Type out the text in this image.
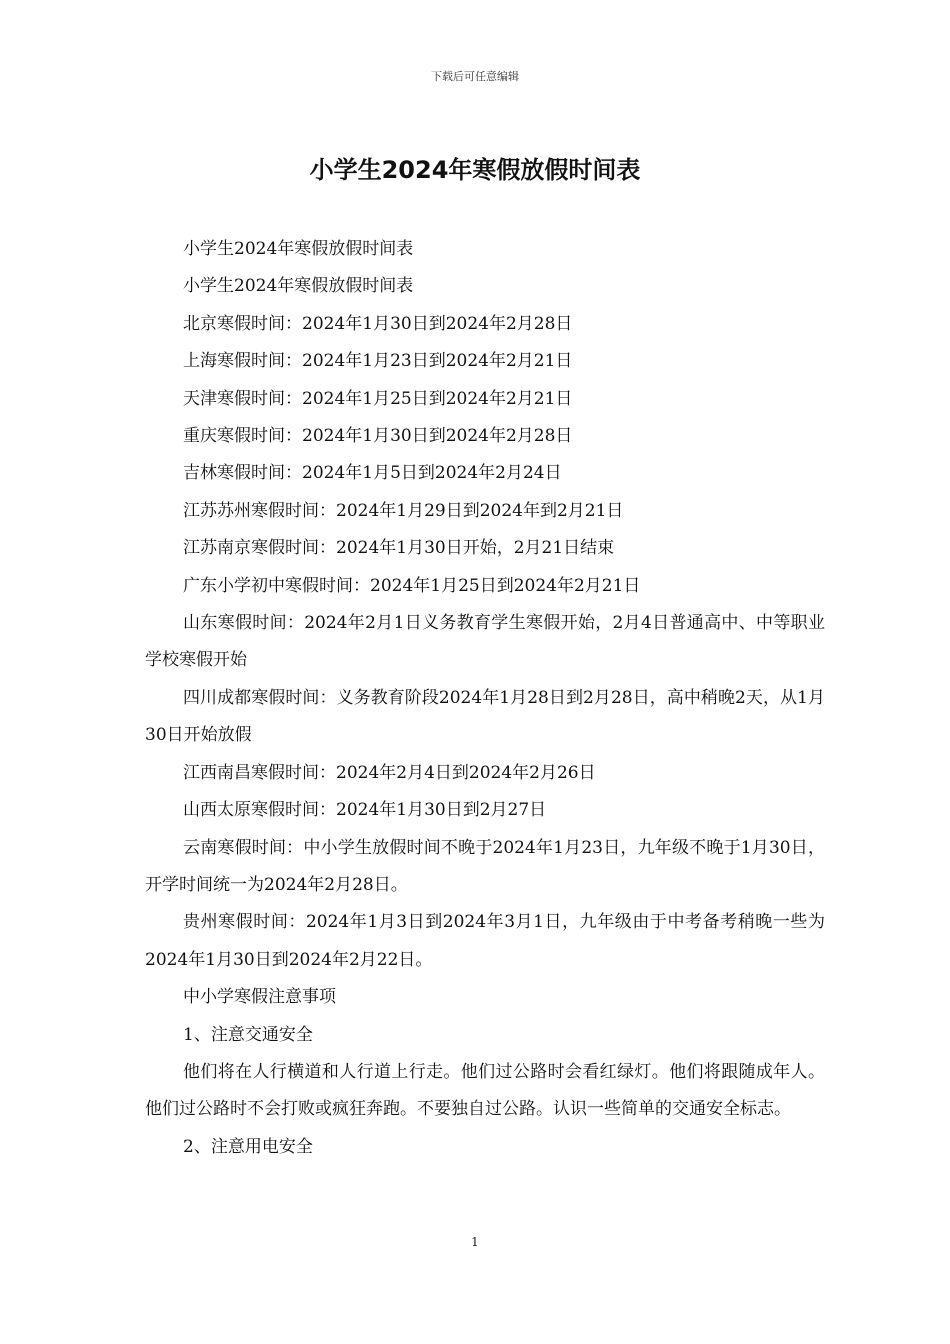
下载后可任意编辑
小学生2024年寒假放假时间表

小学生2024年寒假放假时间表

小学生2024年寒假放假时间表

北京寒假时间：2024年1月30日到2024年2月28日

上海寒假时间：2024年1月23日到2024年2月21日

天津寒假时间：2024年1月25日到2024年2月21日

重庆寒假时间：2024年1月30日到2024年2月28日

吉林寒假时间：2024年1月5日到2024年2月24日

江苏苏州寒假时间：2024年1月29日到2024年到2月21日

江苏南京寒假时间：2024年1月30日开始，2月21日结束

广东小学初中寒假时间：2024年1月25日到2024年2月21日

山东寒假时间：2024年2月1日义务教育学生寒假开始，2月4日普通高中、中等职业学校寒假开始

四川成都寒假时间：义务教育阶段2024年1月28日到2月28日，高中稍晚2天，从1月30日开始放假

江西南昌寒假时间：2024年2月4日到2024年2月26日

山西太原寒假时间：2024年1月30日到2月27日

云南寒假时间：中小学生放假时间不晚于2024年1月23日，九年级不晚于1月30日，开学时间统一为2024年2月28日。

贵州寒假时间：2024年1月3日到2024年3月1日，九年级由于中考备考稍晚一些为2024年1月30日到2024年2月22日。

中小学寒假注意事项

1、注意交通安全

他们将在人行横道和人行道上行走。他们过公路时会看红绿灯。他们将跟随成年人。他们过公路时不会打败或疯狂奔跑。不要独自过公路。认识一些简单的交通安全标志。

2、注意用电安全

1
